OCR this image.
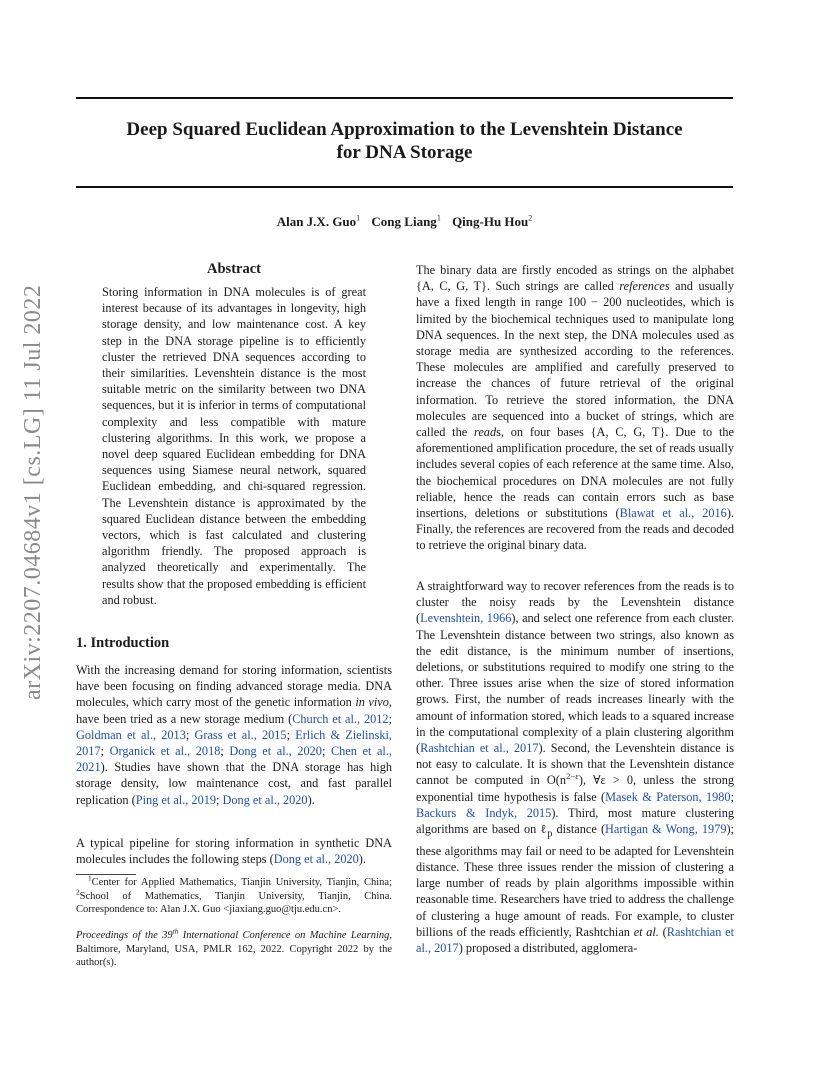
Deep Squared Euclidean Approximation to the Levenshtein Distance
for DNA Storage
Alan J.X. Guo$^1$ Cong Liang$^1$ Qing-Hu Hou$^2$
arXiv:2207.04684v1 [cs.LG] 11 Jul 2022
Abstract
Storing information in DNA molecules is of great interest because of its advantages in longevity, high storage density, and low maintenance cost. A key step in the DNA storage pipeline is to efficiently cluster the retrieved DNA sequences according to their similarities. Levenshtein distance is the most suitable metric on the similarity between two DNA sequences, but it is inferior in terms of computational complexity and less compatible with mature clustering algorithms. In this work, we propose a novel deep squared Euclidean embedding for DNA sequences using Siamese neural network, squared Euclidean embedding, and chi-squared regression. The Levenshtein distance is approximated by the squared Euclidean distance between the embedding vectors, which is fast calculated and clustering algorithm friendly. The proposed approach is analyzed theoretically and experimentally. The results show that the proposed embedding is efficient and robust.
1. Introduction
With the increasing demand for storing information, scientists have been focusing on finding advanced storage media. DNA molecules, which carry most of the genetic information in vivo, have been tried as a new storage medium (Church et al., 2012; Goldman et al., 2013; Grass et al., 2015; Erlich & Zielinski, 2017; Organick et al., 2018; Dong et al., 2020; Chen et al., 2021). Studies have shown that the DNA storage has high storage density, low maintenance cost, and fast parallel replication (Ping et al., 2019; Dong et al., 2020).
A typical pipeline for storing information in synthetic DNA molecules includes the following steps (Dong et al., 2020).

$^1$Center for Applied Mathematics, Tianjin University, Tianjin, China; $^2$School of Mathematics, Tianjin University, Tianjin, China. Correspondence to: Alan J.X. Guo <jiaxiang.guo@tju.edu.cn>.

Proceedings of the 39th International Conference on Machine Learning, Baltimore, Maryland, USA, PMLR 162, 2022. Copyright 2022 by the author(s).
The binary data are firstly encoded as strings on the alphabet {A, C, G, T}. Such strings are called references and usually have a fixed length in range 100 − 200 nucleotides, which is limited by the biochemical techniques used to manipulate long DNA sequences. In the next step, the DNA molecules used as storage media are synthesized according to the references. These molecules are amplified and carefully preserved to increase the chances of future retrieval of the original information. To retrieve the stored information, the DNA molecules are sequenced into a bucket of strings, which are called the reads, on four bases {A, C, G, T}. Due to the aforementioned amplification procedure, the set of reads usually includes several copies of each reference at the same time. Also, the biochemical procedures on DNA molecules are not fully reliable, hence the reads can contain errors such as base insertions, deletions or substitutions (Blawat et al., 2016). Finally, the references are recovered from the reads and decoded to retrieve the original binary data.
A straightforward way to recover references from the reads is to cluster the noisy reads by the Levenshtein distance (Levenshtein, 1966), and select one reference from each cluster. The Levenshtein distance between two strings, also known as the edit distance, is the minimum number of insertions, deletions, or substitutions required to modify one string to the other. Three issues arise when the size of stored information grows. First, the number of reads increases linearly with the amount of information stored, which leads to a squared increase in the computational complexity of a plain clustering algorithm (Rashtchian et al., 2017). Second, the Levenshtein distance is not easy to calculate. It is shown that the Levenshtein distance cannot be computed in $O(n^{2-\varepsilon})$, ∀ε > 0, unless the strong exponential time hypothesis is false (Masek & Paterson, 1980; Backurs & Indyk, 2015). Third, most mature clustering algorithms are based on ℓ$_p$ distance (Hartigan & Wong, 1979); these algorithms may fail or need to be adapted for Levenshtein distance. These three issues render the mission of clustering a large number of reads by plain algorithms impossible within reasonable time. Researchers have tried to address the challenge of clustering a huge amount of reads. For example, to cluster billions of the reads efficiently, Rashtchian et al. (Rashtchian et al., 2017) proposed a distributed, agglomera-
